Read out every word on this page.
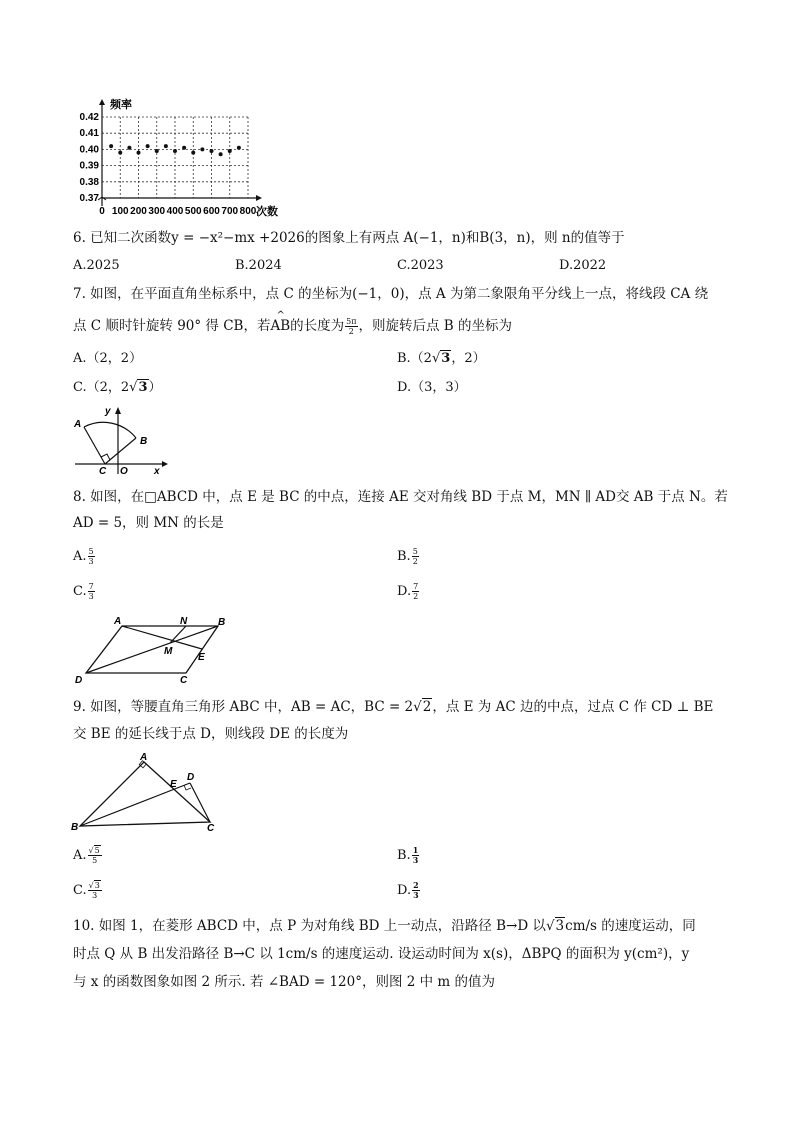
0.42
0.41
0.40
0.39
0.38
0.37
0 100 200 300 400 500 600 700 800
频率
次数
6. 已知二次函数y = −x²−mx +2026的图象上有两点 A(−1，n)和B(3，n)，则 n的值等于
A.2025	B.2024	C.2023	D.2022
7. 如图，在平面直角坐标系中，点 C 的坐标为(−1，0)，点 A 为第二象限角平分线上一点，将线段 CA 绕
点 C 顺时针旋转 90° 得 CB，若
^
AB的长度为 $\frac{5\pi}{2}$ ，则旋转后点 B 的坐标为
A.（2，2）	B.（2√3，2）
C.（2，2√3）	D.（3，3）
y
A
B
C O	x
8. 如图，在□ABCD 中，点 E 是 BC 的中点，连接 AE 交对角线 BD 于点 M，MN ∥ AD交 AB 于点 N。若
AD = 5，则 MN 的长是
A. $\frac{5}{3}$	B. $\frac{5}{2}$
C. $\frac{7}{3}$	D. $\frac{7}{2}$
A	N	B
M
E
D	C
9. 如图，等腰直角三角形 ABC 中，AB = AC，BC = 2√2，点 E 为 AC 边的中点，过点 C 作 CD ⊥ BE
交 BE 的延长线于点 D，则线段 DE 的长度为
A
E
D
B	C
A. $\frac{√5}{5}$	B. $\frac{1}{3}$
C. $\frac{√3}{3}$	D. $\frac{2}{3}$
10. 如图 1，在菱形 ABCD 中，点 P 为对角线 BD 上一动点，沿路径 B→D 以√3cm/s 的速度运动，同
时点 Q 从 B 出发沿路径 B→C 以 1cm/s 的速度运动. 设运动时间为 x(s)，ΔBPQ 的面积为 y(cm²)，y
与 x 的函数图象如图 2 所示. 若 ∠BAD = 120°，则图 2 中 m 的值为
